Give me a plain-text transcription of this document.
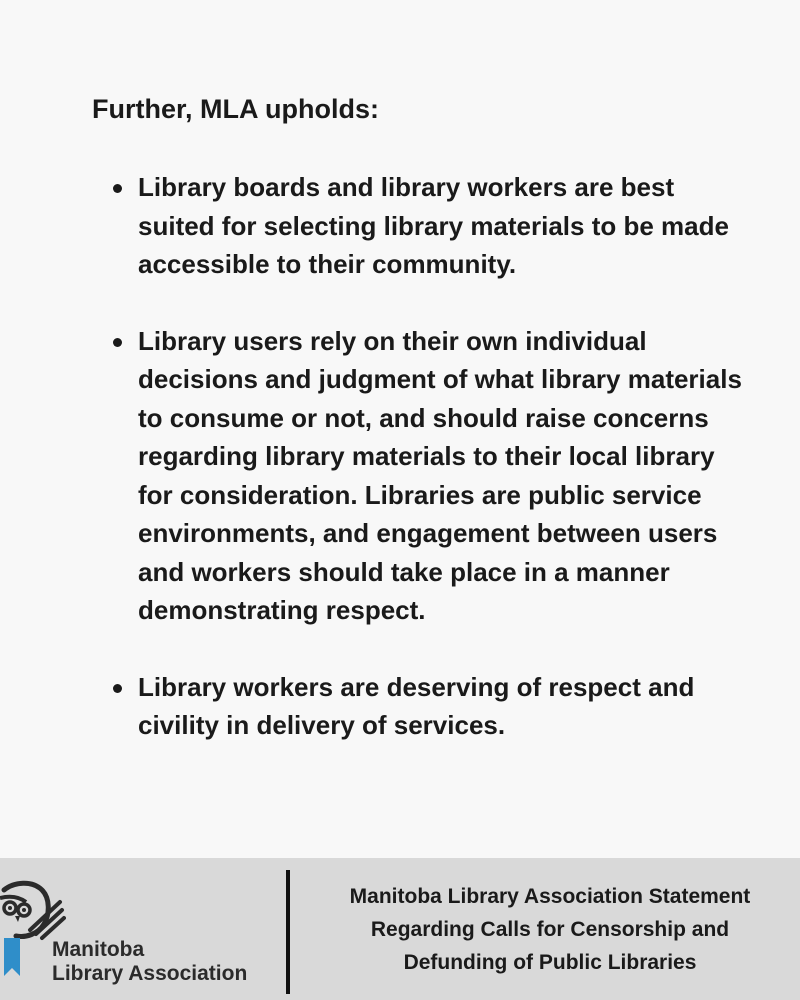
Further, MLA upholds:

Library boards and library workers are best suited for selecting library materials to be made accessible to their community.
Library users rely on their own individual decisions and judgment of what library materials to consume or not, and should raise concerns regarding library materials to their local library for consideration. Libraries are public service environments, and engagement between users and workers should take place in a manner demonstrating respect.
Library workers are deserving of respect and civility in delivery of services.
Manitoba
Library Association
Manitoba Library Association Statement
Regarding Calls for Censorship and
Defunding of Public Libraries
